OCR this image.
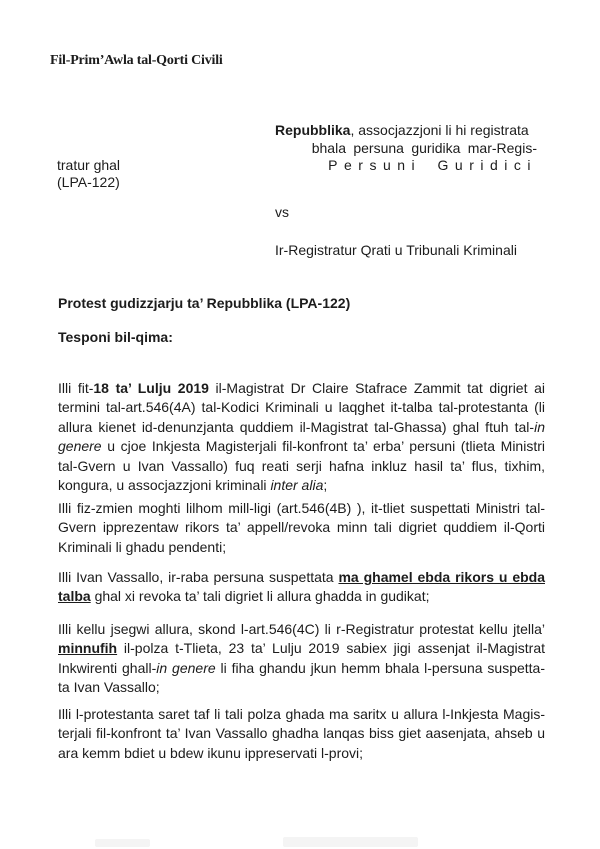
Fil-Prim’Awla tal-Qorti Civili
Repubblika, assocjazzjoni li hi registrata
bhala persuna guridika mar-Regis-
Persuni Guridici
tratur ghal
(LPA-122)
vs
Ir-Registratur Qrati u Tribunali Kriminali
Protest gudizzjarju ta’ Repubblika (LPA-122)
Tesponi bil-qima:
Illi fit-18 ta’ Lulju 2019 il-Magistrat Dr Claire Stafrace Zammit tat digriet ai
termini tal-art.546(4A) tal-Kodici Kriminali u laqghet it-talba tal-protestanta (li
allura kienet id-denunzjanta quddiem il-Magistrat tal-Ghassa) ghal ftuh tal-in
genere u cjoe Inkjesta Magisterjali fil-konfront ta’ erba’ persuni (tlieta Ministri
tal-Gvern u Ivan Vassallo) fuq reati serji hafna inkluz hasil ta’ flus, tixhim,
kongura, u assocjazzjoni kriminali inter alia;
Illi fiz-zmien moghti lilhom mill-ligi (art.546(4B) ), it-tliet suspettati Ministri tal-
Gvern ipprezentaw rikors ta’ appell/revoka minn tali digriet quddiem il-Qorti
Kriminali li ghadu pendenti;
Illi Ivan Vassallo, ir-raba persuna suspettata ma ghamel ebda rikors u ebda
talba ghal xi revoka ta’ tali digriet li allura ghadda in gudikat;
Illi kellu jsegwi allura, skond l-art.546(4C) li r-Registratur protestat kellu jtella’
minnufih il-polza t-Tlieta, 23 ta’ Lulju 2019 sabiex jigi assenjat il-Magistrat
Inkwirenti ghall-in genere li fiha ghandu jkun hemm bhala l-persuna suspetta-
ta Ivan Vassallo;
Illi l-protestanta saret taf li tali polza ghada ma saritx u allura l-Inkjesta Magis-
terjali fil-konfront ta’ Ivan Vassallo ghadha lanqas biss giet aasenjata, ahseb u
ara kemm bdiet u bdew ikunu ippreservati l-provi;
